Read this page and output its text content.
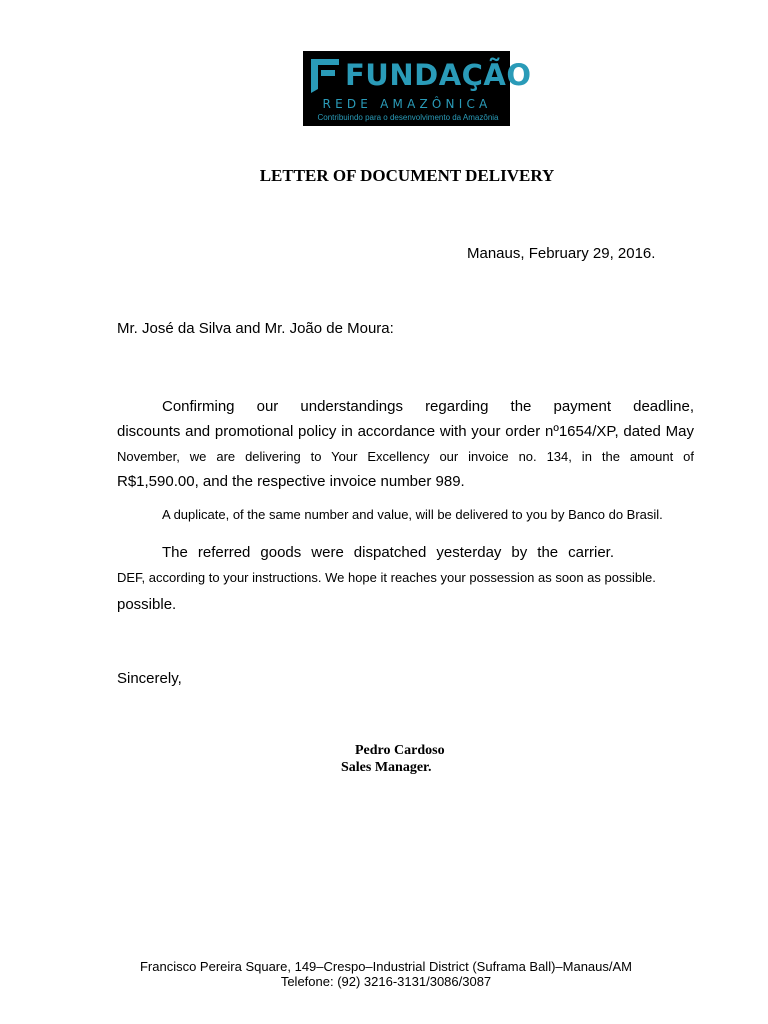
FUNDAÇÃO
REDE AMAZÔNICA
Contribuindo para o desenvolvimento da Amazônia
LETTER OF DOCUMENT DELIVERY
Manaus, February 29, 2016.
Mr. José da Silva and Mr. João de Moura:
Confirming our understandings regarding the payment deadline,
discounts and promotional policy in accordance with your order nº1654/XP, dated May
November, we are delivering to Your Excellency our invoice no. 134, in the amount of
R$1,590.00, and the respective invoice number 989.
A duplicate, of the same number and value, will be delivered to you by Banco do Brasil.
The referred goods were dispatched yesterday by the carrier.
DEF, according to your instructions. We hope it reaches your possession as soon as possible.
possible.
Sincerely,
Pedro Cardoso
Sales Manager.
Francisco Pereira Square, 149–Crespo–Industrial District (Suframa Ball)–Manaus/AM
Telefone: (92) 3216-3131/3086/3087
